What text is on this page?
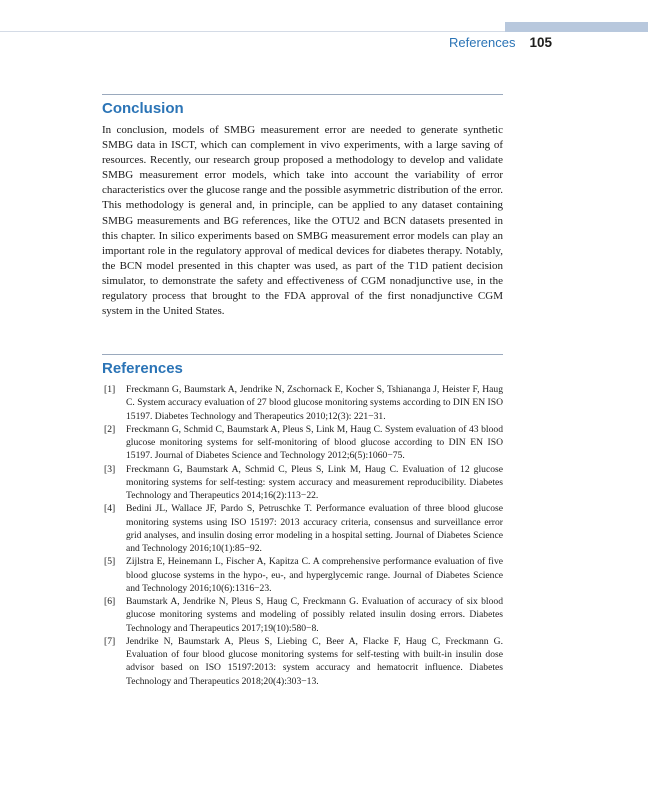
References 105
Conclusion

In conclusion, models of SMBG measurement error are needed to generate synthetic SMBG data in ISCT, which can complement in vivo experiments, with a large saving of resources. Recently, our research group proposed a methodology to develop and validate SMBG measurement error models, which take into account the variability of error characteristics over the glucose range and the possible asymmetric distribution of the error. This methodology is general and, in principle, can be applied to any dataset containing SMBG measurements and BG references, like the OTU2 and BCN datasets presented in this chapter. In silico experiments based on SMBG measurement error models can play an important role in the regulatory approval of medical devices for diabetes therapy. Notably, the BCN model presented in this chapter was used, as part of the T1D patient decision simulator, to demonstrate the safety and effectiveness of CGM nonadjunctive use, in the regulatory process that brought to the FDA approval of the first nonadjunctive CGM system in the United States.

References
[1] Freckmann G, Baumstark A, Jendrike N, Zschornack E, Kocher S, Tshiananga J, Heister F, Haug C. System accuracy evaluation of 27 blood glucose monitoring systems according to DIN EN ISO 15197. Diabetes Technology and Therapeutics 2010;12(3): 221−31.
[2] Freckmann G, Schmid C, Baumstark A, Pleus S, Link M, Haug C. System evaluation of 43 blood glucose monitoring systems for self-monitoring of blood glucose according to DIN EN ISO 15197. Journal of Diabetes Science and Technology 2012;6(5):1060−75.
[3] Freckmann G, Baumstark A, Schmid C, Pleus S, Link M, Haug C. Evaluation of 12 glucose monitoring systems for self-testing: system accuracy and measurement reproducibility. Diabetes Technology and Therapeutics 2014;16(2):113−22.
[4] Bedini JL, Wallace JF, Pardo S, Petruschke T. Performance evaluation of three blood glucose monitoring systems using ISO 15197: 2013 accuracy criteria, consensus and surveillance error grid analyses, and insulin dosing error modeling in a hospital setting. Journal of Diabetes Science and Technology 2016;10(1):85−92.
[5] Zijlstra E, Heinemann L, Fischer A, Kapitza C. A comprehensive performance evaluation of five blood glucose systems in the hypo-, eu-, and hyperglycemic range. Journal of Diabetes Science and Technology 2016;10(6):1316−23.
[6] Baumstark A, Jendrike N, Pleus S, Haug C, Freckmann G. Evaluation of accuracy of six blood glucose monitoring systems and modeling of possibly related insulin dosing errors. Diabetes Technology and Therapeutics 2017;19(10):580−8.
[7] Jendrike N, Baumstark A, Pleus S, Liebing C, Beer A, Flacke F, Haug C, Freckmann G. Evaluation of four blood glucose monitoring systems for self-testing with built-in insulin dose advisor based on ISO 15197:2013: system accuracy and hematocrit influence. Diabetes Technology and Therapeutics 2018;20(4):303−13.
